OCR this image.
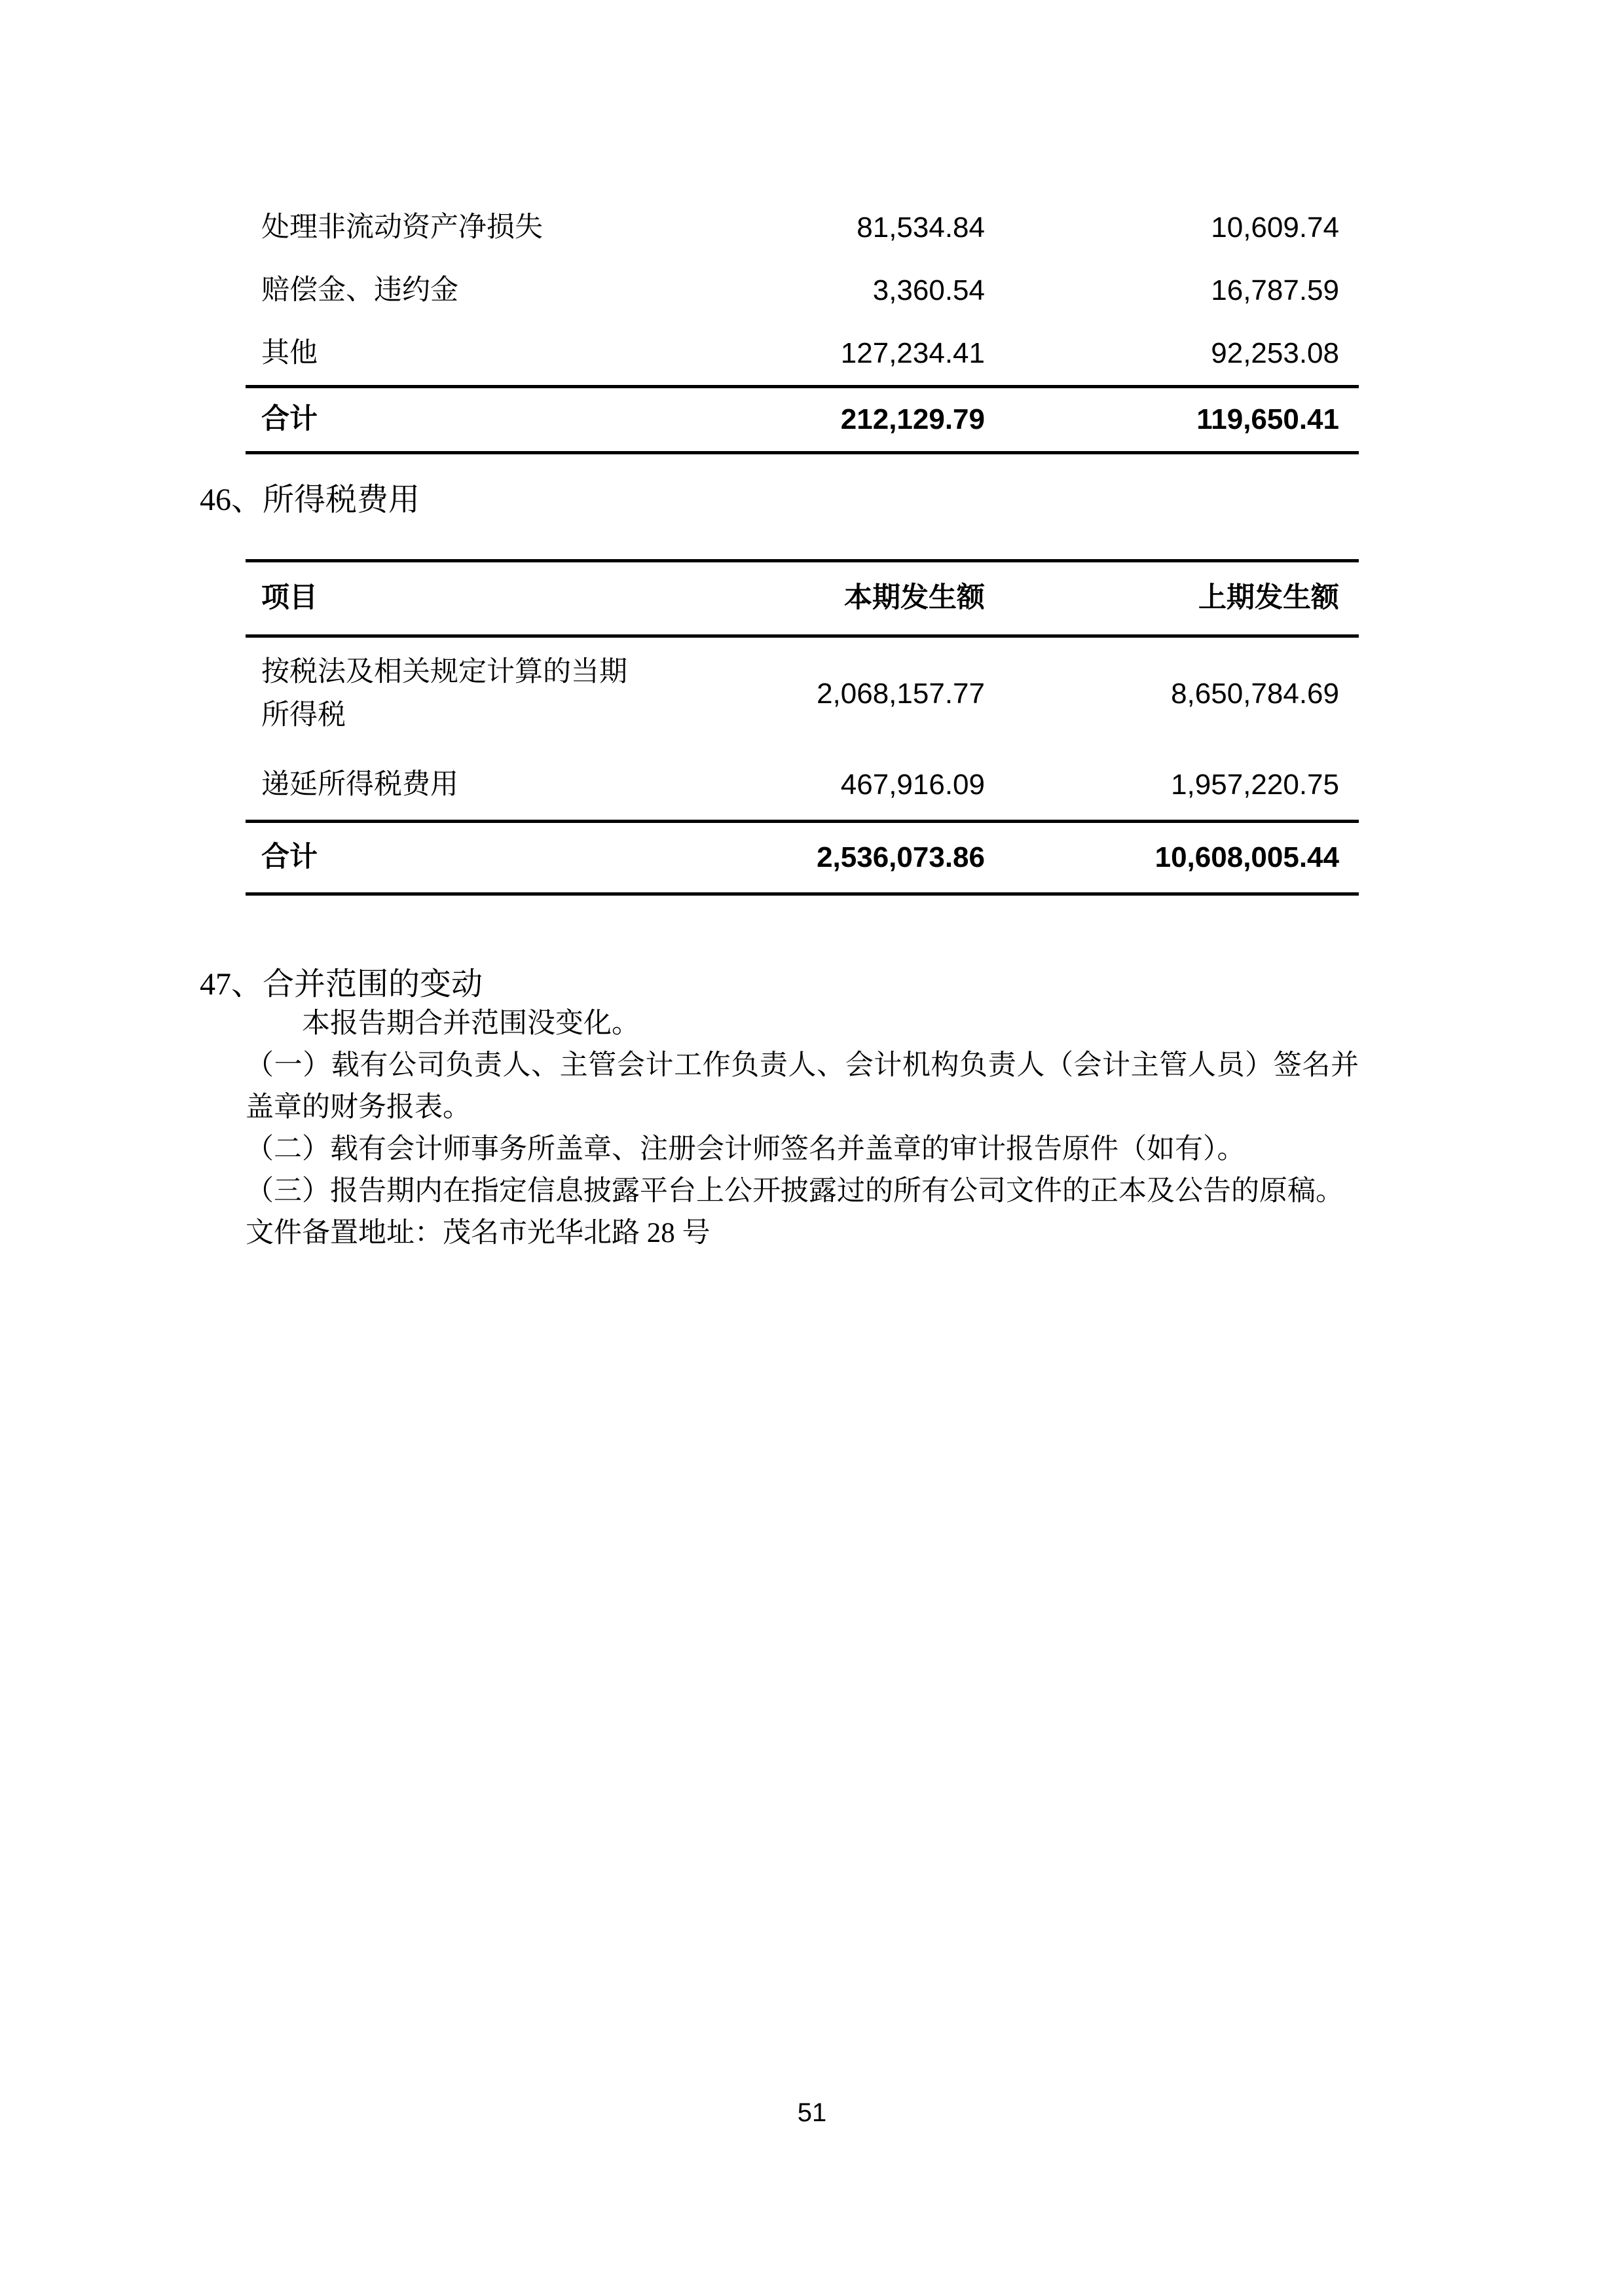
处理非流动资产净损失	81,534.84	10,609.74
赔偿金、违约金	3,360.54	16,787.59
其他	127,234.41	92,253.08
合计	212,129.79	119,650.41
46、所得税费用
项目	本期发生额	上期发生额
按税法及相关规定计算的当期所得税	2,068,157.77	8,650,784.69
递延所得税费用	467,916.09	1,957,220.75
合计	2,536,073.86	10,608,005.44
47、合并范围的变动

本报告期合并范围没变化。

（一）载有公司负责人、主管会计工作负责人、会计机构负责人（会计主管人员）签名并盖章的财务报表。

（二）载有会计师事务所盖章、注册会计师签名并盖章的审计报告原件（如有）。

（三）报告期内在指定信息披露平台上公开披露过的所有公司文件的正本及公告的原稿。

文件备置地址：茂名市光华北路 28 号

51
